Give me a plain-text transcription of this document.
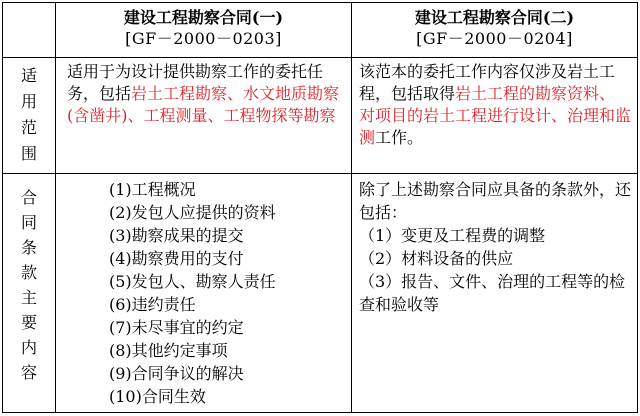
建设工程勘察合同(一)
[GF－2000－0203]
建设工程勘察合同(二)
[GF－2000－0204]
适
用
范
围

适用于为设计提供勘察工作的委托任务，包括岩土工程勘察、水文地质勘察(含凿井)、工程测量、工程物探等勘察

该范本的委托工作内容仅涉及岩土工程，包括取得岩土工程的勘察资料、对项目的岩土工程进行设计、治理和监测工作。

合
同
条
款
主
要
内
容
(1)工程概况
(2)发包人应提供的资料
(3)勘察成果的提交
(4)勘察费用的支付
(5)发包人、勘察人责任
(6)违约责任
(7)未尽事宜的约定
(8)其他约定事项
(9)合同争议的解决
(10)合同生效

除了上述勘察合同应具备的条款外，还包括：

（1）变更及工程费的调整

（2）材料设备的供应

（3）报告、文件、治理的工程等的检查和验收等
